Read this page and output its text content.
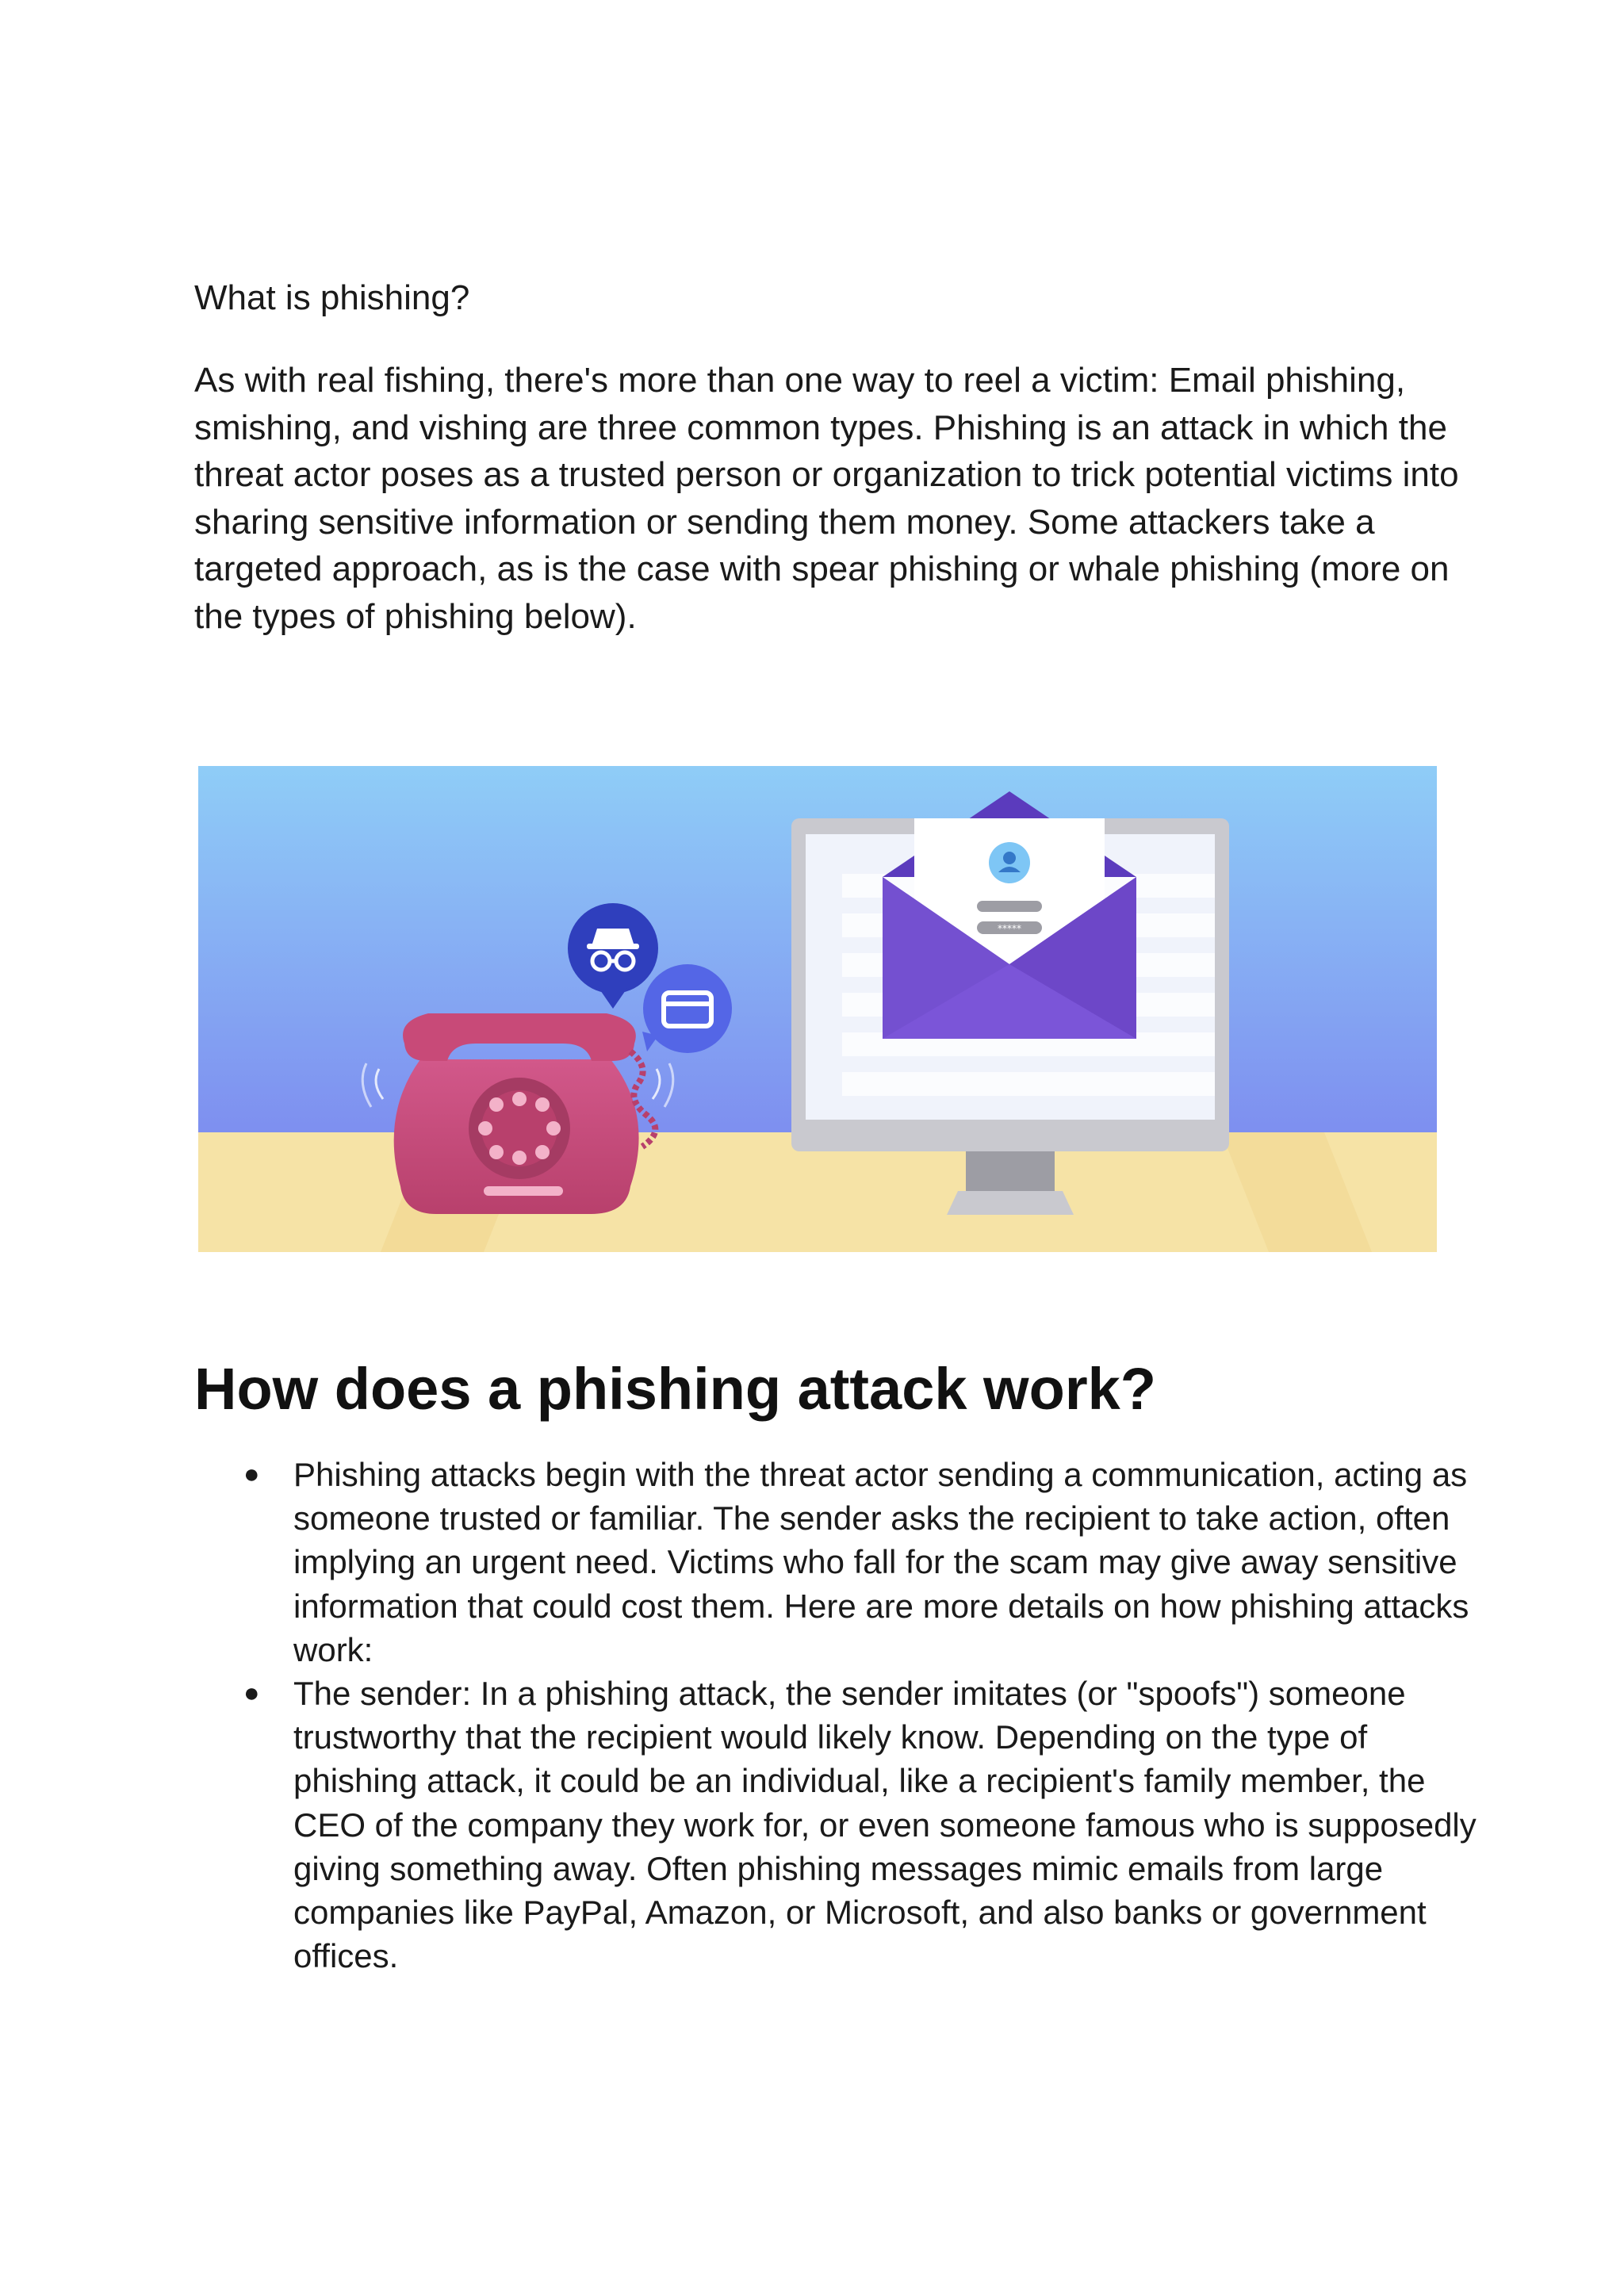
What is phishing?

As with real fishing, there's more than one way to reel a victim: Email phishing, smishing, and vishing are three common types. Phishing is an attack in which the threat actor poses as a trusted person or organization to trick potential victims into sharing sensitive information or sending them money. Some attackers take a targeted approach, as is the case with spear phishing or whale phishing (more on the types of phishing below).

*****
How does a phishing attack work?
● Phishing attacks begin with the threat actor sending a communication, acting as someone trusted or familiar. The sender asks the recipient to take action, often implying an urgent need. Victims who fall for the scam may give away sensitive information that could cost them. Here are more details on how phishing attacks work:
● The sender: In a phishing attack, the sender imitates (or "spoofs") someone trustworthy that the recipient would likely know. Depending on the type of phishing attack, it could be an individual, like a recipient's family member, the CEO of the company they work for, or even someone famous who is supposedly giving something away. Often phishing messages mimic emails from large companies like PayPal, Amazon, or Microsoft, and also banks or government offices.
